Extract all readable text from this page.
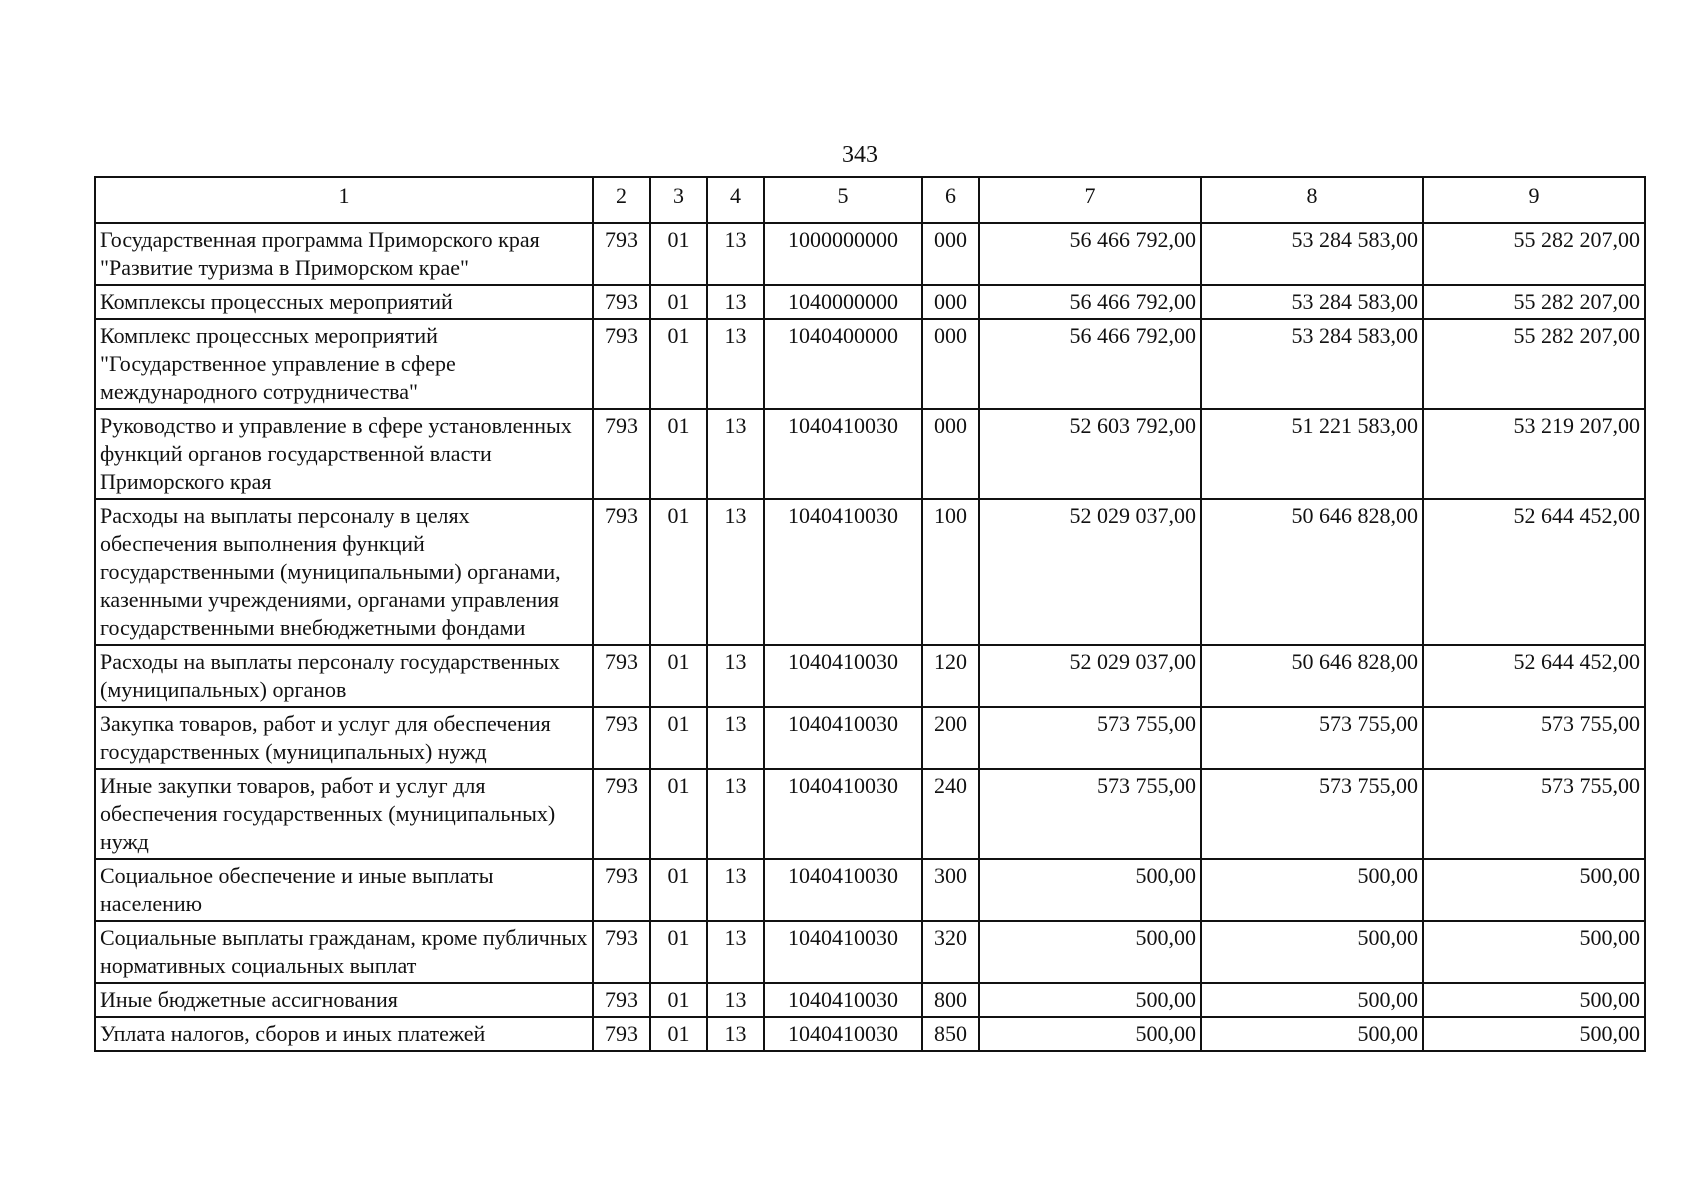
343
1	2	3	4	5	6	7	8	9
Государственная программа Приморского края "Развитие туризма в Приморском крае"	793	01	13	1000000000	000	56 466 792,00	53 284 583,00	55 282 207,00
Комплексы процессных мероприятий	793	01	13	1040000000	000	56 466 792,00	53 284 583,00	55 282 207,00
Комплекс процессных мероприятий "Государственное управление в сфере международного сотрудничества"	793	01	13	1040400000	000	56 466 792,00	53 284 583,00	55 282 207,00
Руководство и управление в сфере установленных функций органов государственной власти Приморского края	793	01	13	1040410030	000	52 603 792,00	51 221 583,00	53 219 207,00
Расходы на выплаты персоналу в целях обеспечения выполнения функций государственными (муниципальными) органами, казенными учреждениями, органами управления государственными внебюджетными фондами	793	01	13	1040410030	100	52 029 037,00	50 646 828,00	52 644 452,00
Расходы на выплаты персоналу государственных (муниципальных) органов	793	01	13	1040410030	120	52 029 037,00	50 646 828,00	52 644 452,00
Закупка товаров, работ и услуг для обеспечения государственных (муниципальных) нужд	793	01	13	1040410030	200	573 755,00	573 755,00	573 755,00
Иные закупки товаров, работ и услуг для обеспечения государственных (муниципальных) нужд	793	01	13	1040410030	240	573 755,00	573 755,00	573 755,00
Социальное обеспечение и иные выплаты населению	793	01	13	1040410030	300	500,00	500,00	500,00
Социальные выплаты гражданам, кроме публичных нормативных социальных выплат	793	01	13	1040410030	320	500,00	500,00	500,00
Иные бюджетные ассигнования	793	01	13	1040410030	800	500,00	500,00	500,00
Уплата налогов, сборов и иных платежей	793	01	13	1040410030	850	500,00	500,00	500,00
